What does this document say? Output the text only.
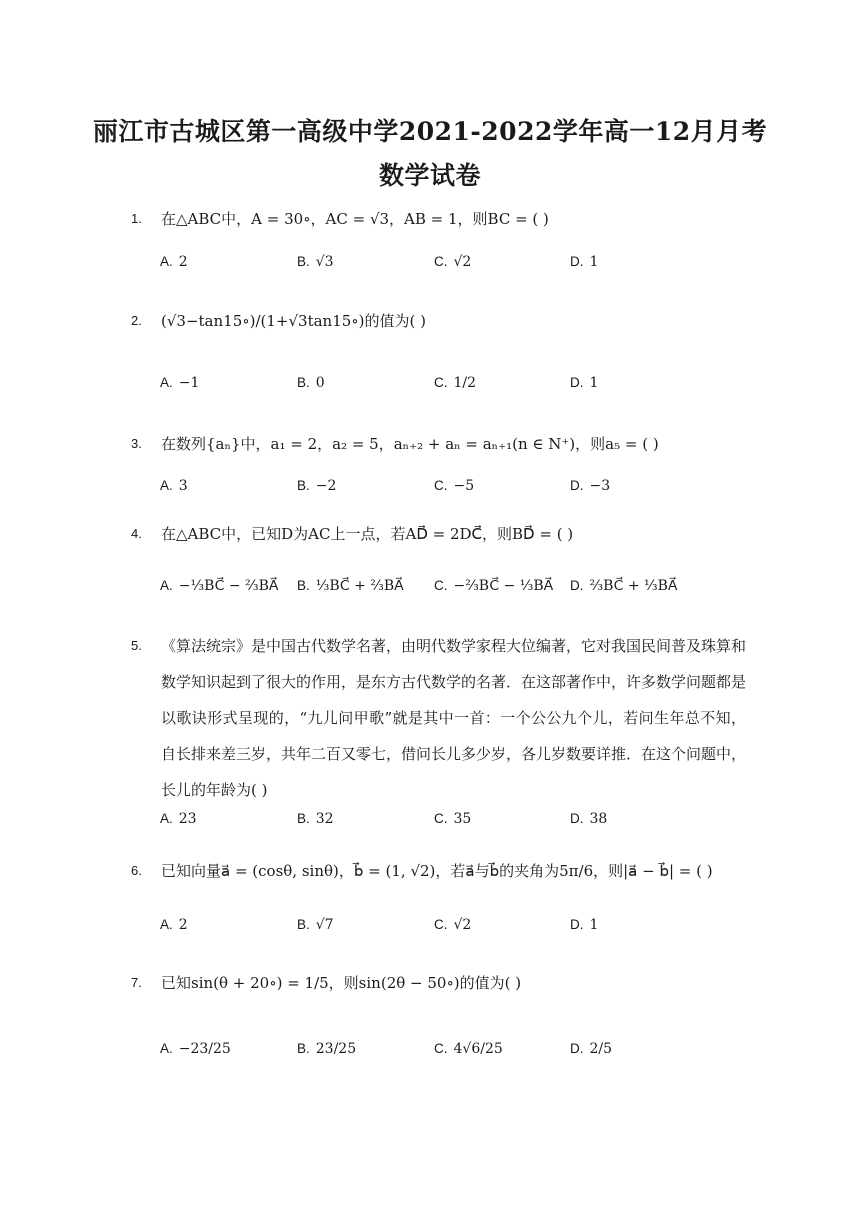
丽江市古城区第一高级中学2021-2022学年高一12月月考
数学试卷
1. 在△ABC中，A = 30∘，AC = √3，AB = 1，则BC = ( )
A. 2	B. √3	C. √2	D. 1
2. (√3−tan15∘)/(1+√3tan15∘)的值为( )
A. −1	B. 0	C. 1/2	D. 1
3. 在数列{aₙ}中，a₁ = 2，a₂ = 5，aₙ₊₂ + aₙ = aₙ₊₁(n ∈ N⁺)，则a₅ = ( )
A. 3	B. −2	C. −5	D. −3
4. 在△ABC中，已知D为AC上一点，若AD⃗ = 2DC⃗，则BD⃗ = ( )
A. −⅓BC⃗ − ⅔BA⃗ B. ⅓BC⃗ + ⅔BA⃗ C. −⅔BC⃗ − ⅓BA⃗ D. ⅔BC⃗ + ⅓BA⃗
5. 《算法统宗》是中国古代数学名著，由明代数学家程大位编著，它对我国民间普及珠算和数学知识起到了很大的作用，是东方古代数学的名著．在这部著作中，许多数学问题都是以歌诀形式呈现的，“九儿问甲歌”就是其中一首：一个公公九个儿，若问生年总不知，自长排来差三岁，共年二百又零七，借问长儿多少岁，各儿岁数要详推．在这个问题中，长儿的年龄为( )
A. 23	B. 32	C. 35	D. 38
6. 已知向量a⃗ = (cosθ, sinθ)，b⃗ = (1, √2)，若a⃗与b⃗的夹角为5π/6，则|a⃗ − b⃗| = ( )
A. 2	B. √7	C. √2	D. 1
7. 已知sin(θ + 20∘) = 1/5，则sin(2θ − 50∘)的值为( )
A. −23/25	B. 23/25	C. 4√6/25	D. 2/5
